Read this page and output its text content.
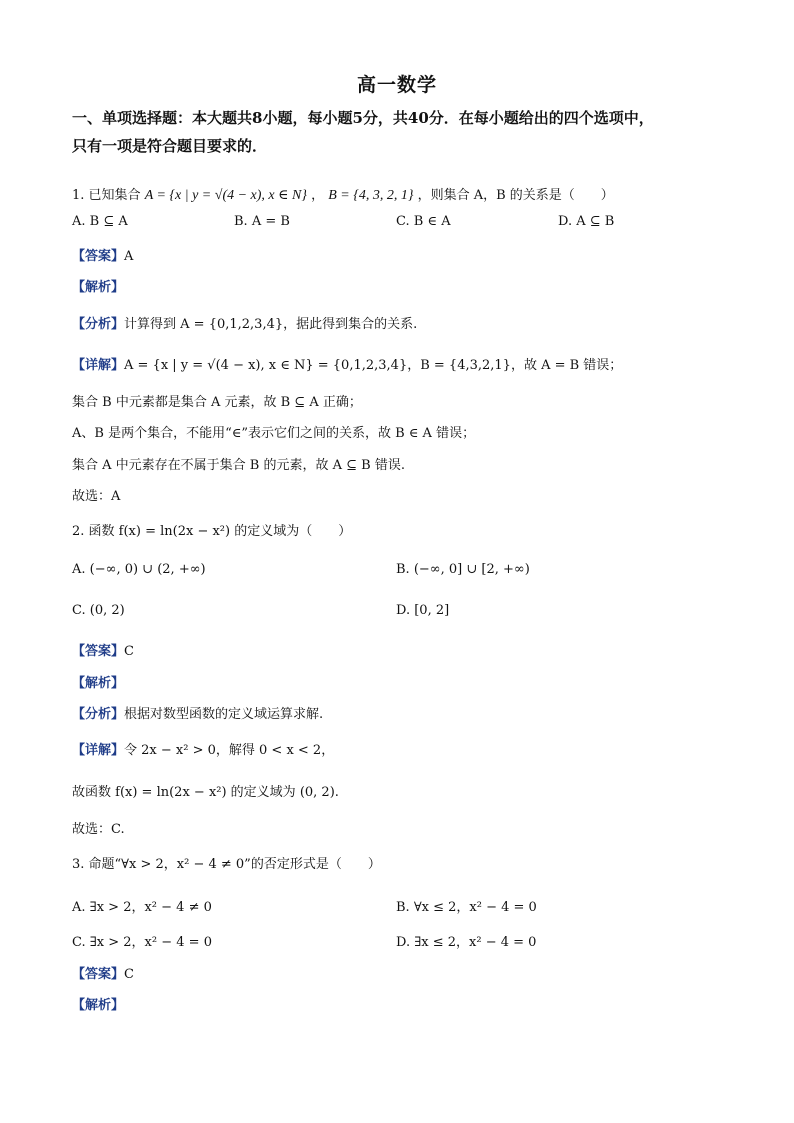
高一数学
一、单项选择题：本大题共8小题，每小题5分，共40分．在每小题给出的四个选项中，
只有一项是符合题目要求的．
1. 已知集合 A = {x | y = √(4 − x), x ∈ N} ， B = {4, 3, 2, 1} ，则集合 A，B 的关系是（　　）
A. B ⊆ A	B. A = B	C. B ∈ A	D. A ⊆ B
【答案】A
【解析】
【分析】计算得到 A = {0,1,2,3,4}，据此得到集合的关系.
【详解】A = {x | y = √(4 − x), x ∈ N} = {0,1,2,3,4}，B = {4,3,2,1}，故 A = B 错误；
集合 B 中元素都是集合 A 元素，故 B ⊆ A 正确；
A、B 是两个集合，不能用“∈”表示它们之间的关系，故 B ∈ A 错误；
集合 A 中元素存在不属于集合 B 的元素，故 A ⊆ B 错误.
故选：A
2. 函数 f(x) = ln(2x − x²) 的定义域为（　　）
A. (−∞, 0) ∪ (2, +∞)	B. (−∞, 0] ∪ [2, +∞)
C. (0, 2)	D. [0, 2]
【答案】C
【解析】
【分析】根据对数型函数的定义域运算求解.
【详解】令 2x − x² > 0，解得 0 < x < 2，
故函数 f(x) = ln(2x − x²) 的定义域为 (0, 2).
故选：C.
3. 命题“∀x > 2，x² − 4 ≠ 0”的否定形式是（　　）
A. ∃x > 2，x² − 4 ≠ 0	B. ∀x ≤ 2，x² − 4 = 0
C. ∃x > 2，x² − 4 = 0	D. ∃x ≤ 2，x² − 4 = 0
【答案】C
【解析】
